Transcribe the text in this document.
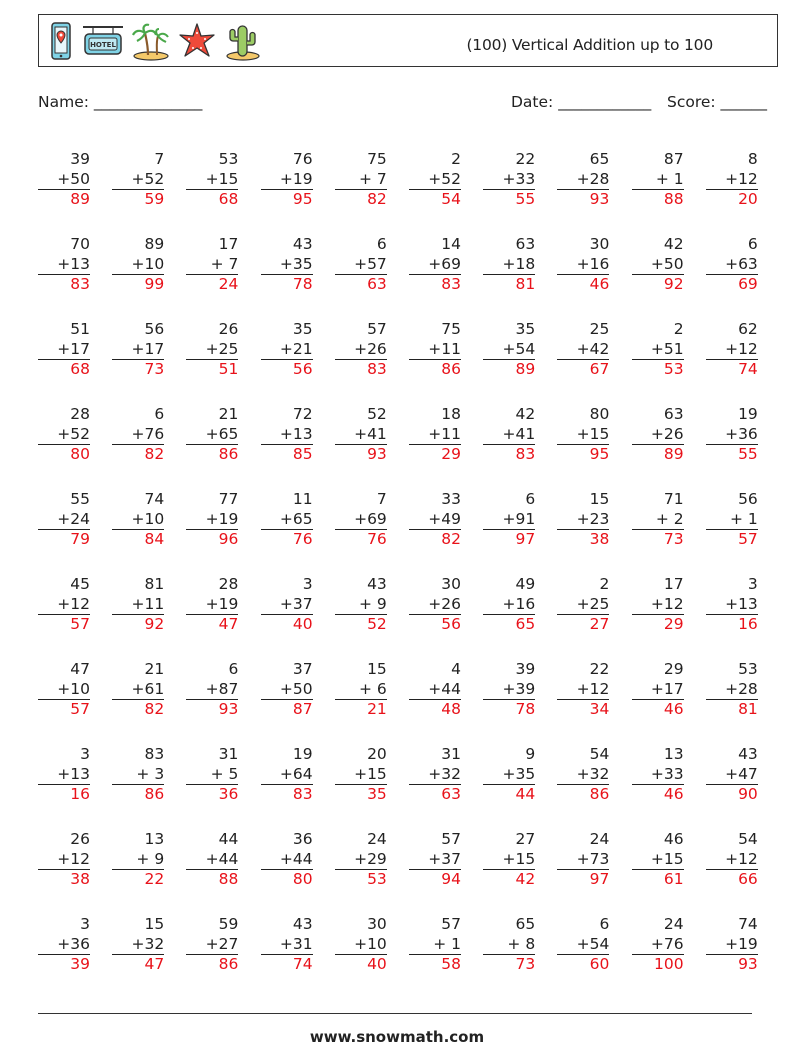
HOTEL	(100) Vertical Addition up to 100
Name: ______________	Date: ____________ Score: ______
39
+50
89
7
+52
59
53
+15
68
76
+19
95
75
+ 7
82
2
+52
54
22
+33
55
65
+28
93
87
+ 1
88
8
+12
20
70
+13
83
89
+10
99
17
+ 7
24
43
+35
78
6
+57
63
14
+69
83
63
+18
81
30
+16
46
42
+50
92
6
+63
69
51
+17
68
56
+17
73
26
+25
51
35
+21
56
57
+26
83
75
+11
86
35
+54
89
25
+42
67
2
+51
53
62
+12
74
28
+52
80
6
+76
82
21
+65
86
72
+13
85
52
+41
93
18
+11
29
42
+41
83
80
+15
95
63
+26
89
19
+36
55
55
+24
79
74
+10
84
77
+19
96
11
+65
76
7
+69
76
33
+49
82
6
+91
97
15
+23
38
71
+ 2
73
56
+ 1
57
45
+12
57
81
+11
92
28
+19
47
3
+37
40
43
+ 9
52
30
+26
56
49
+16
65
2
+25
27
17
+12
29
3
+13
16
47
+10
57
21
+61
82
6
+87
93
37
+50
87
15
+ 6
21
4
+44
48
39
+39
78
22
+12
34
29
+17
46
53
+28
81
3
+13
16
83
+ 3
86
31
+ 5
36
19
+64
83
20
+15
35
31
+32
63
9
+35
44
54
+32
86
13
+33
46
43
+47
90
26
+12
38
13
+ 9
22
44
+44
88
36
+44
80
24
+29
53
57
+37
94
27
+15
42
24
+73
97
46
+15
61
54
+12
66
3
+36
39
15
+32
47
59
+27
86
43
+31
74
30
+10
40
57
+ 1
58
65
+ 8
73
6
+54
60
24
+76
100
74
+19
93
www.snowmath.com
